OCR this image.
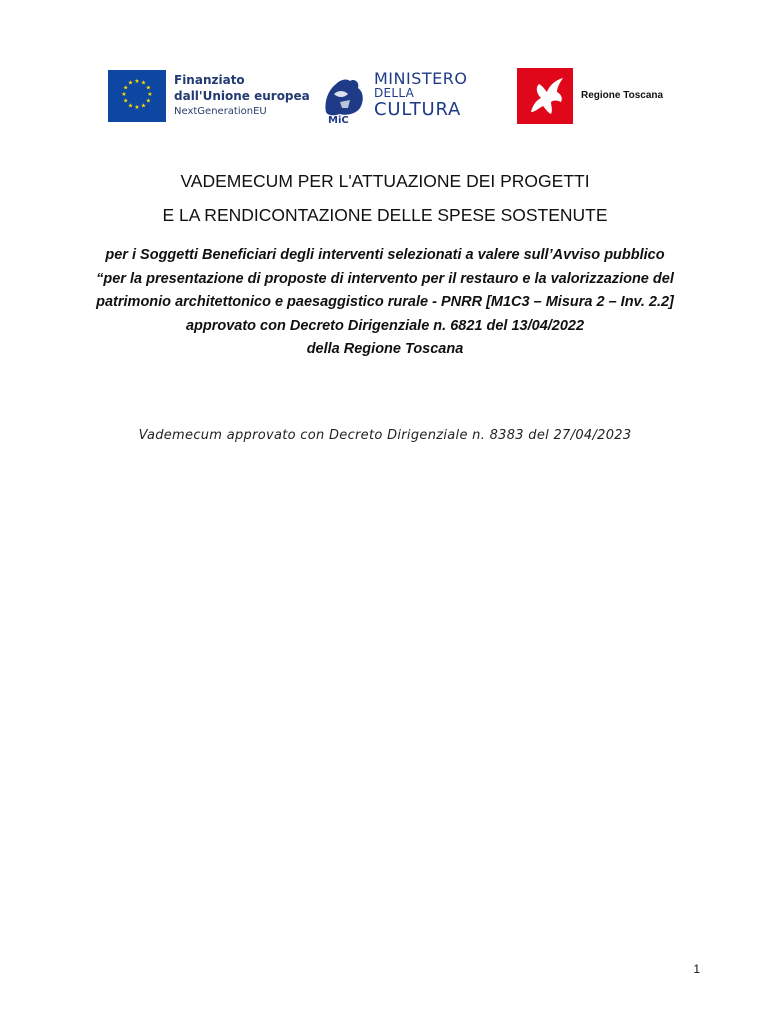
★ ★
★
★
★
★
★
★
★
★
★
★	Finanziato
dall'Unione europea
NextGenerationEU
MiC
MINISTERO
DELLA
CULTURA
Regione Toscana
VADEMECUM PER L'ATTUAZIONE DEI PROGETTI
E LA RENDICONTAZIONE DELLE SPESE SOSTENUTE
per i Soggetti Beneficiari degli interventi selezionati a valere sull’Avviso pubblico
“per la presentazione di proposte di intervento per il restauro e la valorizzazione del
patrimonio architettonico e paesaggistico rurale - PNRR [M1C3 – Misura 2 – Inv. 2.2]
approvato con Decreto Dirigenziale n. 6821 del 13/04/2022
della Regione Toscana
Vademecum approvato con Decreto Dirigenziale n. 8383 del 27/04/2023
1
